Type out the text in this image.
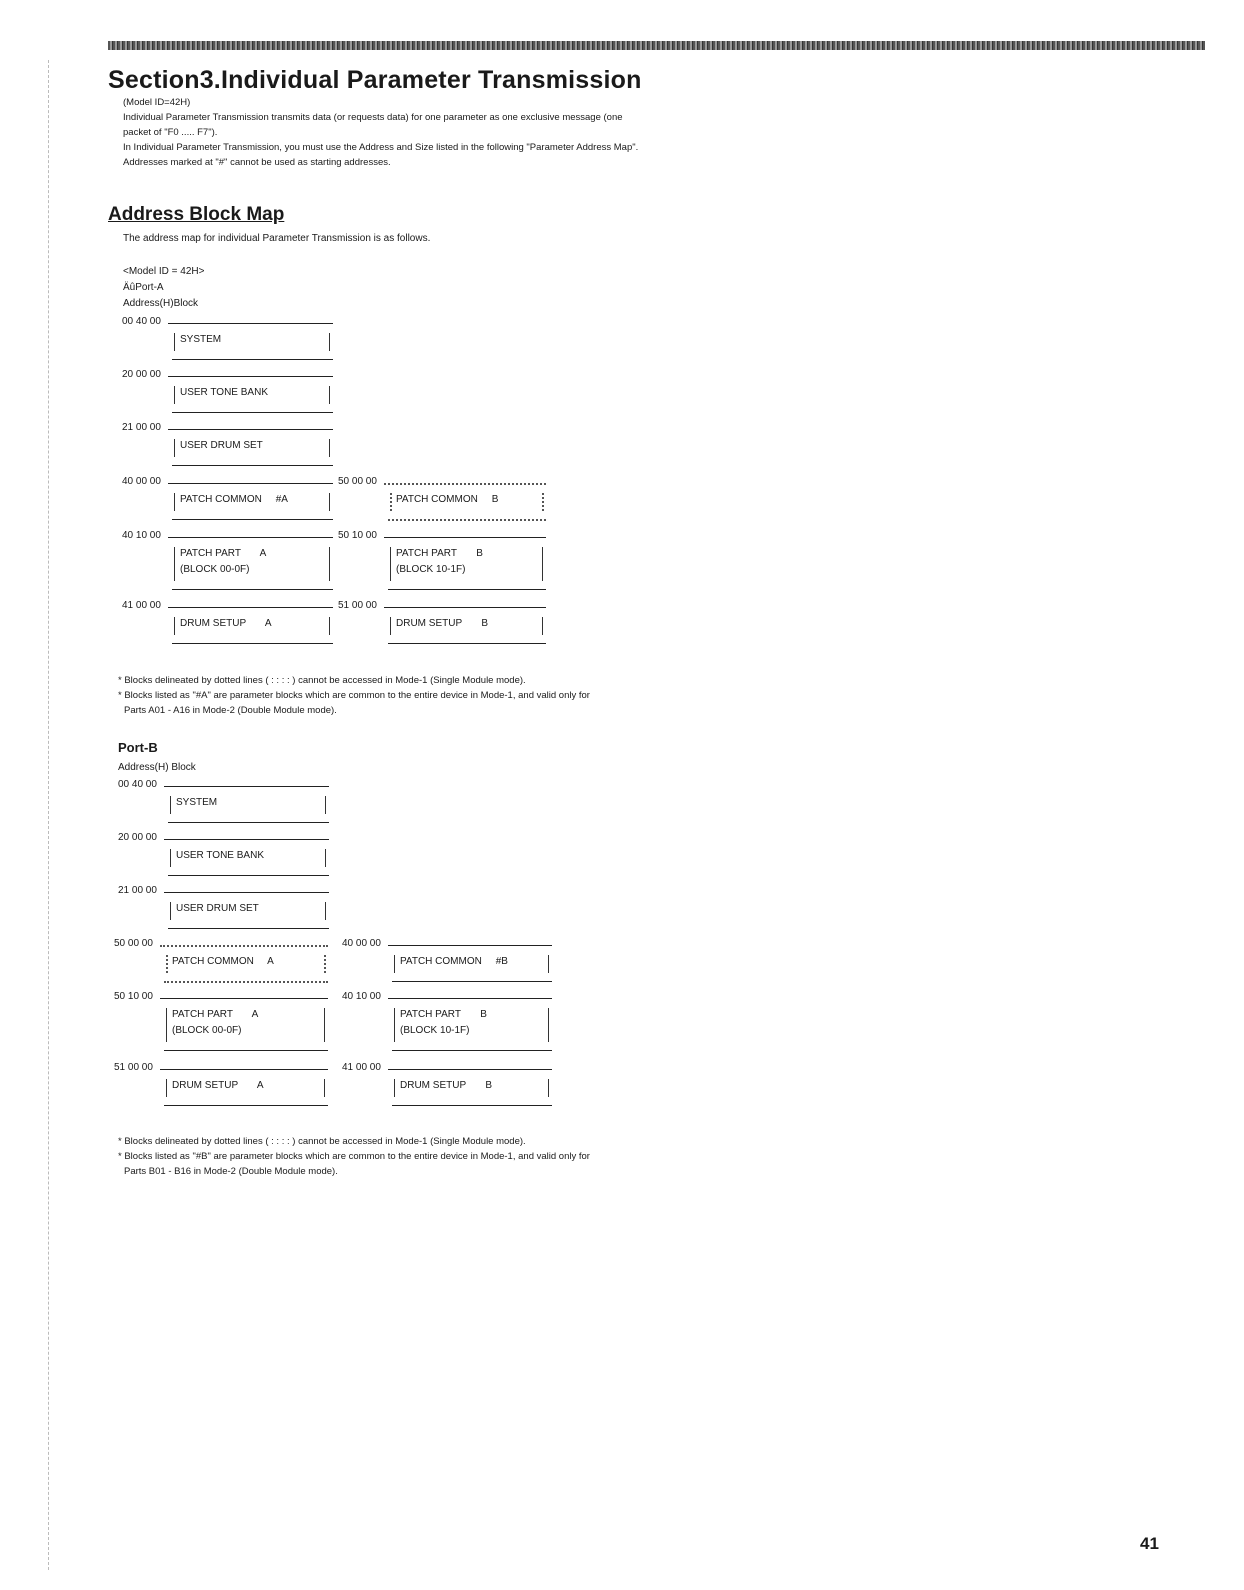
Section3.Individual Parameter Transmission

(Model ID=42H)

Individual Parameter Transmission transmits data (or requests data) for one parameter as one exclusive message (one packet of "F0 ..... F7").

In Individual Parameter Transmission, you must use the Address and Size listed in the following "Parameter Address Map". Addresses marked at "#" cannot be used as starting addresses.

Address Block Map
The address map for individual Parameter Transmission is as follows.
<Model ID = 42H>
ÄûPort-A
Address(H)Block
00 40 00
SYSTEM
20 00 00
USER TONE BANK
21 00 00
USER DRUM SET
40 00 00
PATCH COMMON     #A
40 10 00
PATCH PART       A
(BLOCK 00-0F)
41 00 00
DRUM SETUP       A
50 00 00
PATCH COMMON     B
50 10 00
PATCH PART       B
(BLOCK 10-1F)
51 00 00
DRUM SETUP       B

* Blocks delineated by dotted lines ( : : : : ) cannot be accessed in Mode-1 (Single Module mode).

* Blocks listed as "#A" are parameter blocks which are common to the entire device in Mode-1, and valid only for

Parts A01 - A16 in Mode-2 (Double Module mode).

Port-B
Address(H) Block
00 40 00
SYSTEM
20 00 00
USER TONE BANK
21 00 00
USER DRUM SET
50 00 00
PATCH COMMON     A
50 10 00
PATCH PART       A
(BLOCK 00-0F)
51 00 00
DRUM SETUP       A
40 00 00
PATCH COMMON     #B
40 10 00
PATCH PART       B
(BLOCK 10-1F)
41 00 00
DRUM SETUP       B

* Blocks delineated by dotted lines ( : : : : ) cannot be accessed in Mode-1 (Single Module mode).

* Blocks listed as "#B" are parameter blocks which are common to the entire device in Mode-1, and valid only for

Parts B01 - B16 in Mode-2 (Double Module mode).

41
